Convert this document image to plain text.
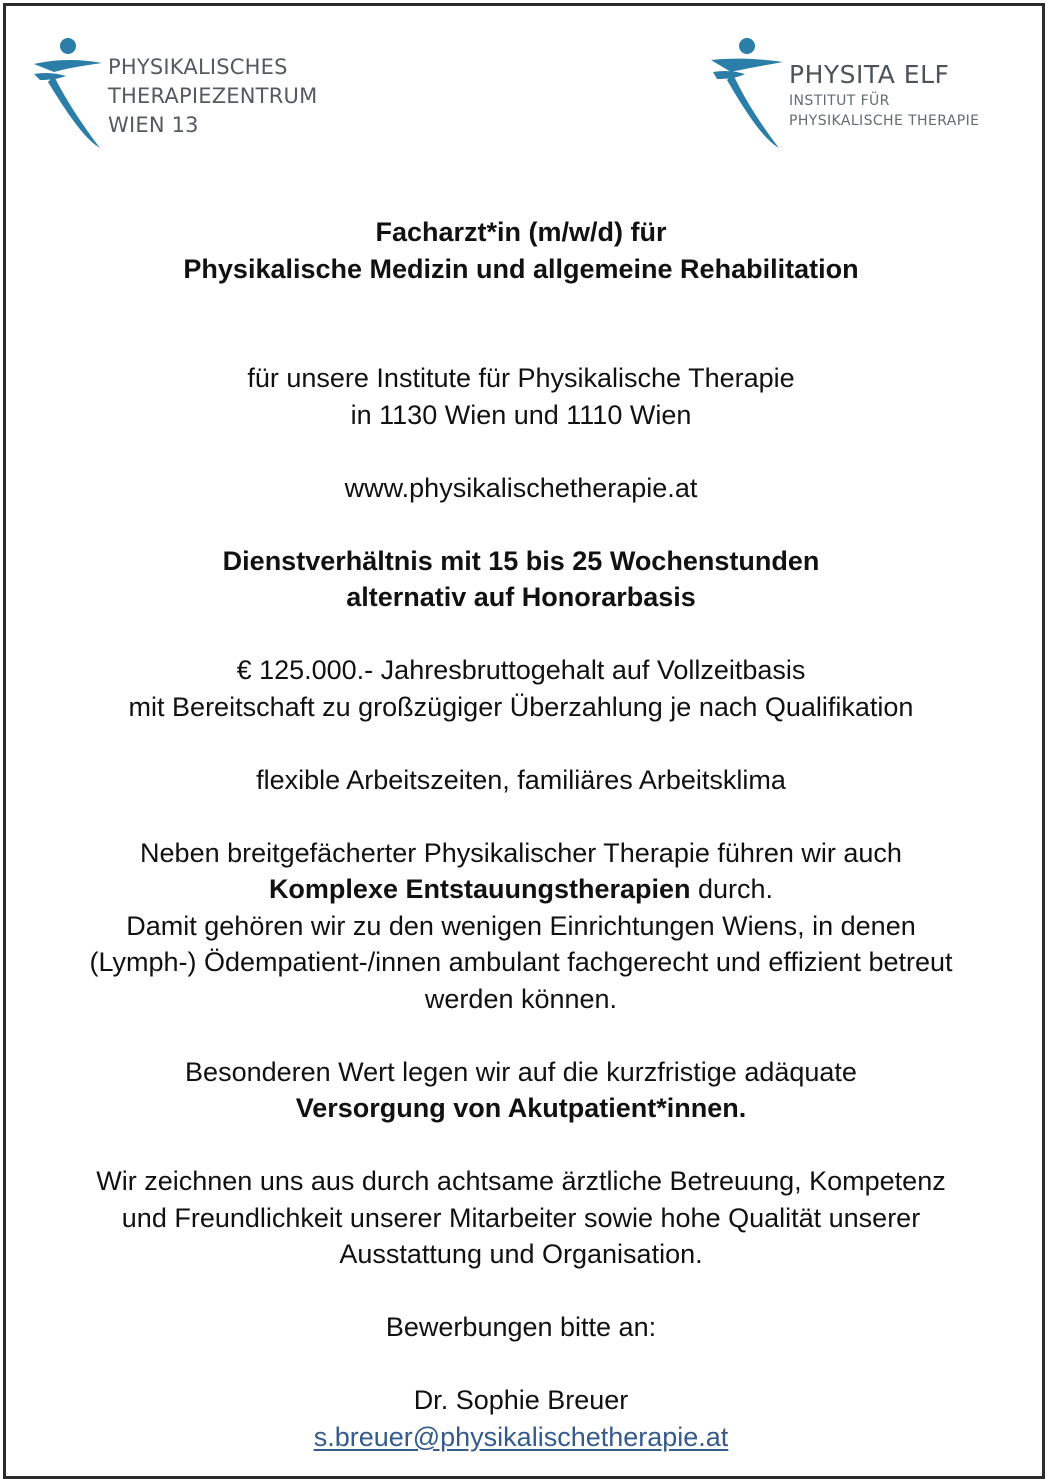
PHYSIKALISCHES
THERAPIEZENTRUM
WIEN 13
PHYSITA ELF
INSTITUT FÜR
PHYSIKALISCHE THERAPIE

Facharzt*in (m/w/d) für

Physikalische Medizin und allgemeine Rehabilitation

für unsere Institute für Physikalische Therapie

in 1130 Wien und 1110 Wien

www.physikalischetherapie.at

Dienstverhältnis mit 15 bis 25 Wochenstunden

alternativ auf Honorarbasis

€ 125.000.- Jahresbruttogehalt auf Vollzeitbasis

mit Bereitschaft zu großzügiger Überzahlung je nach Qualifikation

flexible Arbeitszeiten, familiäres Arbeitsklima

Neben breitgefächerter Physikalischer Therapie führen wir auch

Komplexe Entstauungstherapien durch.

Damit gehören wir zu den wenigen Einrichtungen Wiens, in denen

(Lymph-) Ödempatient-/innen ambulant fachgerecht und effizient betreut

werden können.

Besonderen Wert legen wir auf die kurzfristige adäquate

Versorgung von Akutpatient*innen.

Wir zeichnen uns aus durch achtsame ärztliche Betreuung, Kompetenz

und Freundlichkeit unserer Mitarbeiter sowie hohe Qualität unserer

Ausstattung und Organisation.

Bewerbungen bitte an:

Dr. Sophie Breuer

s.breuer@physikalischetherapie.at
